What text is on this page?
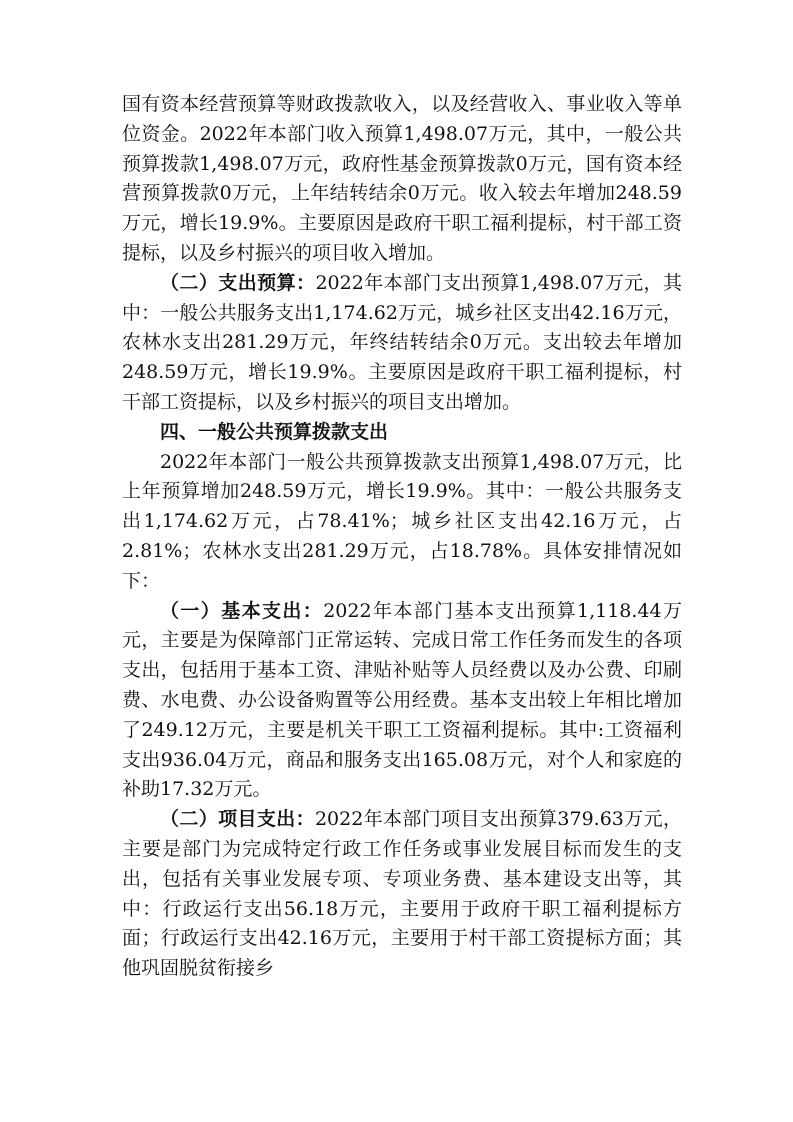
国有资本经营预算等财政拨款收入，以及经营收入、事业收入等单位资金。2022年本部门收入预算1,498.07万元，其中，一般公共预算拨款1,498.07万元，政府性基金预算拨款0万元，国有资本经营预算拨款0万元，上年结转结余0万元。收入较去年增加248.59万元，增长19.9%。主要原因是政府干职工福利提标，村干部工资提标，以及乡村振兴的项目收入增加。

（二）支出预算：2022年本部门支出预算1,498.07万元，其中：一般公共服务支出1,174.62万元，城乡社区支出42.16万元，农林水支出281.29万元，年终结转结余0万元。支出较去年增加248.59万元，增长19.9%。主要原因是政府干职工福利提标，村干部工资提标，以及乡村振兴的项目支出增加。

四、一般公共预算拨款支出

2022年本部门一般公共预算拨款支出预算1,498.07万元，比上年预算增加248.59万元，增长19.9%。其中：一般公共服务支出1,174.62万元，占78.41%；城乡社区支出42.16万元，占2.81%；农林水支出281.29万元，占18.78%。具体安排情况如下：

（一）基本支出：2022年本部门基本支出预算1,118.44万元，主要是为保障部门正常运转、完成日常工作任务而发生的各项支出，包括用于基本工资、津贴补贴等人员经费以及办公费、印刷费、水电费、办公设备购置等公用经费。基本支出较上年相比增加了249.12万元，主要是机关干职工工资福利提标。其中:工资福利支出936.04万元，商品和服务支出165.08万元，对个人和家庭的补助17.32万元。

（二）项目支出：2022年本部门项目支出预算379.63万元，主要是部门为完成特定行政工作任务或事业发展目标而发生的支出，包括有关事业发展专项、专项业务费、基本建设支出等，其中：行政运行支出56.18万元，主要用于政府干职工福利提标方面；行政运行支出42.16万元，主要用于村干部工资提标方面；其他巩固脱贫衔接乡
